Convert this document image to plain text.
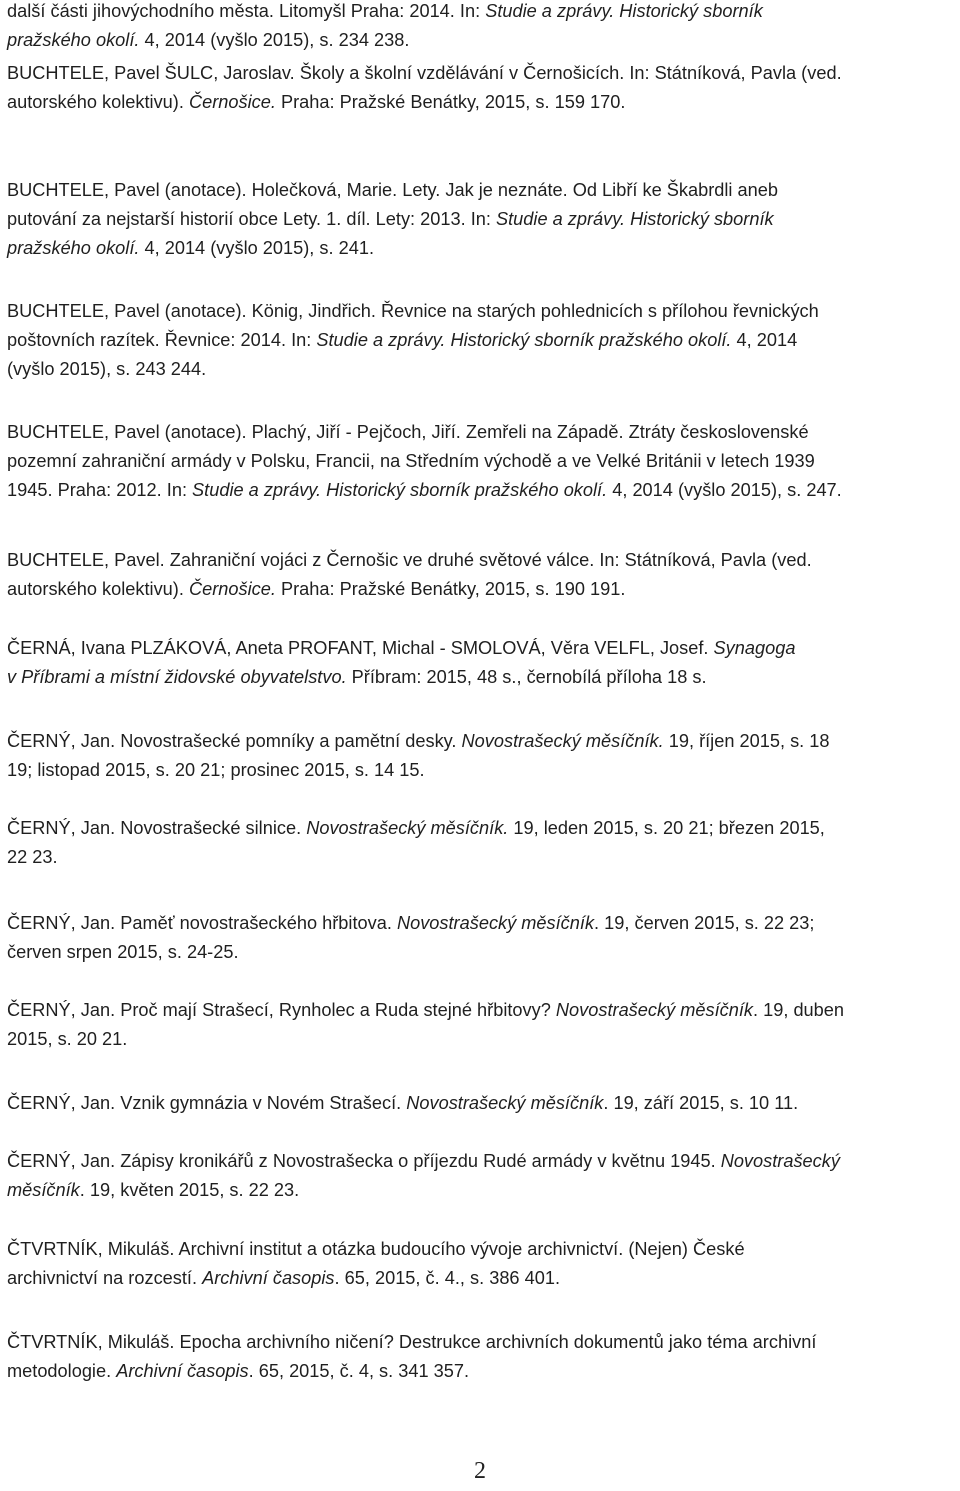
další části jihovýchodního města. Litomyšl Praha: 2014. In: Studie a zprávy. Historický sborník
pražského okolí. 4, 2014 (vyšlo 2015), s. 234 238.
BUCHTELE, Pavel ŠULC, Jaroslav. Školy a školní vzdělávání v Černošicích. In: Státníková, Pavla (ved.
autorského kolektivu). Černošice. Praha: Pražské Benátky, 2015, s. 159 170.
BUCHTELE, Pavel (anotace). Holečková, Marie. Lety. Jak je neznáte. Od Libří ke Škabrdli aneb
putování za nejstarší historií obce Lety. 1. díl. Lety: 2013. In: Studie a zprávy. Historický sborník
pražského okolí. 4, 2014 (vyšlo 2015), s. 241.
BUCHTELE, Pavel (anotace). König, Jindřich. Řevnice na starých pohlednicích s přílohou řevnických
poštovních razítek. Řevnice: 2014. In: Studie a zprávy. Historický sborník pražského okolí. 4, 2014
(vyšlo 2015), s. 243 244.
BUCHTELE, Pavel (anotace). Plachý, Jiří - Pejčoch, Jiří. Zemřeli na Západě. Ztráty československé
pozemní zahraniční armády v Polsku, Francii, na Středním východě a ve Velké Británii v letech 1939
1945. Praha: 2012. In: Studie a zprávy. Historický sborník pražského okolí. 4, 2014 (vyšlo 2015), s. 247.
BUCHTELE, Pavel. Zahraniční vojáci z Černošic ve druhé světové válce. In: Státníková, Pavla (ved.
autorského kolektivu). Černošice. Praha: Pražské Benátky, 2015, s. 190 191.
ČERNÁ, Ivana PLZÁKOVÁ, Aneta PROFANT, Michal - SMOLOVÁ, Věra VELFL, Josef. Synagoga
v Příbrami a místní židovské obyvatelstvo. Příbram: 2015, 48 s., černobílá příloha 18 s.
ČERNÝ, Jan. Novostrašecké pomníky a pamětní desky. Novostrašecký měsíčník. 19, říjen 2015, s. 18
19; listopad 2015, s. 20 21; prosinec 2015, s. 14 15.
ČERNÝ, Jan. Novostrašecké silnice. Novostrašecký měsíčník. 19, leden 2015, s. 20 21; březen 2015,
22 23.
ČERNÝ, Jan. Paměť novostrašeckého hřbitova. Novostrašecký měsíčník. 19, červen 2015, s. 22 23;
červen srpen 2015, s. 24-25.
ČERNÝ, Jan. Proč mají Strašecí, Rynholec a Ruda stejné hřbitovy? Novostrašecký měsíčník. 19, duben
2015, s. 20 21.
ČERNÝ, Jan. Vznik gymnázia v Novém Strašecí. Novostrašecký měsíčník. 19, září 2015, s. 10 11.
ČERNÝ, Jan. Zápisy kronikářů z Novostrašecka o příjezdu Rudé armády v květnu 1945. Novostrašecký
měsíčník. 19, květen 2015, s. 22 23.
ČTVRTNÍK, Mikuláš. Archivní institut a otázka budoucího vývoje archivnictví. (Nejen) České
archivnictví na rozcestí. Archivní časopis. 65, 2015, č. 4., s. 386 401.
ČTVRTNÍK, Mikuláš. Epocha archivního ničení? Destrukce archivních dokumentů jako téma archivní
metodologie. Archivní časopis. 65, 2015, č. 4, s. 341 357.
2
